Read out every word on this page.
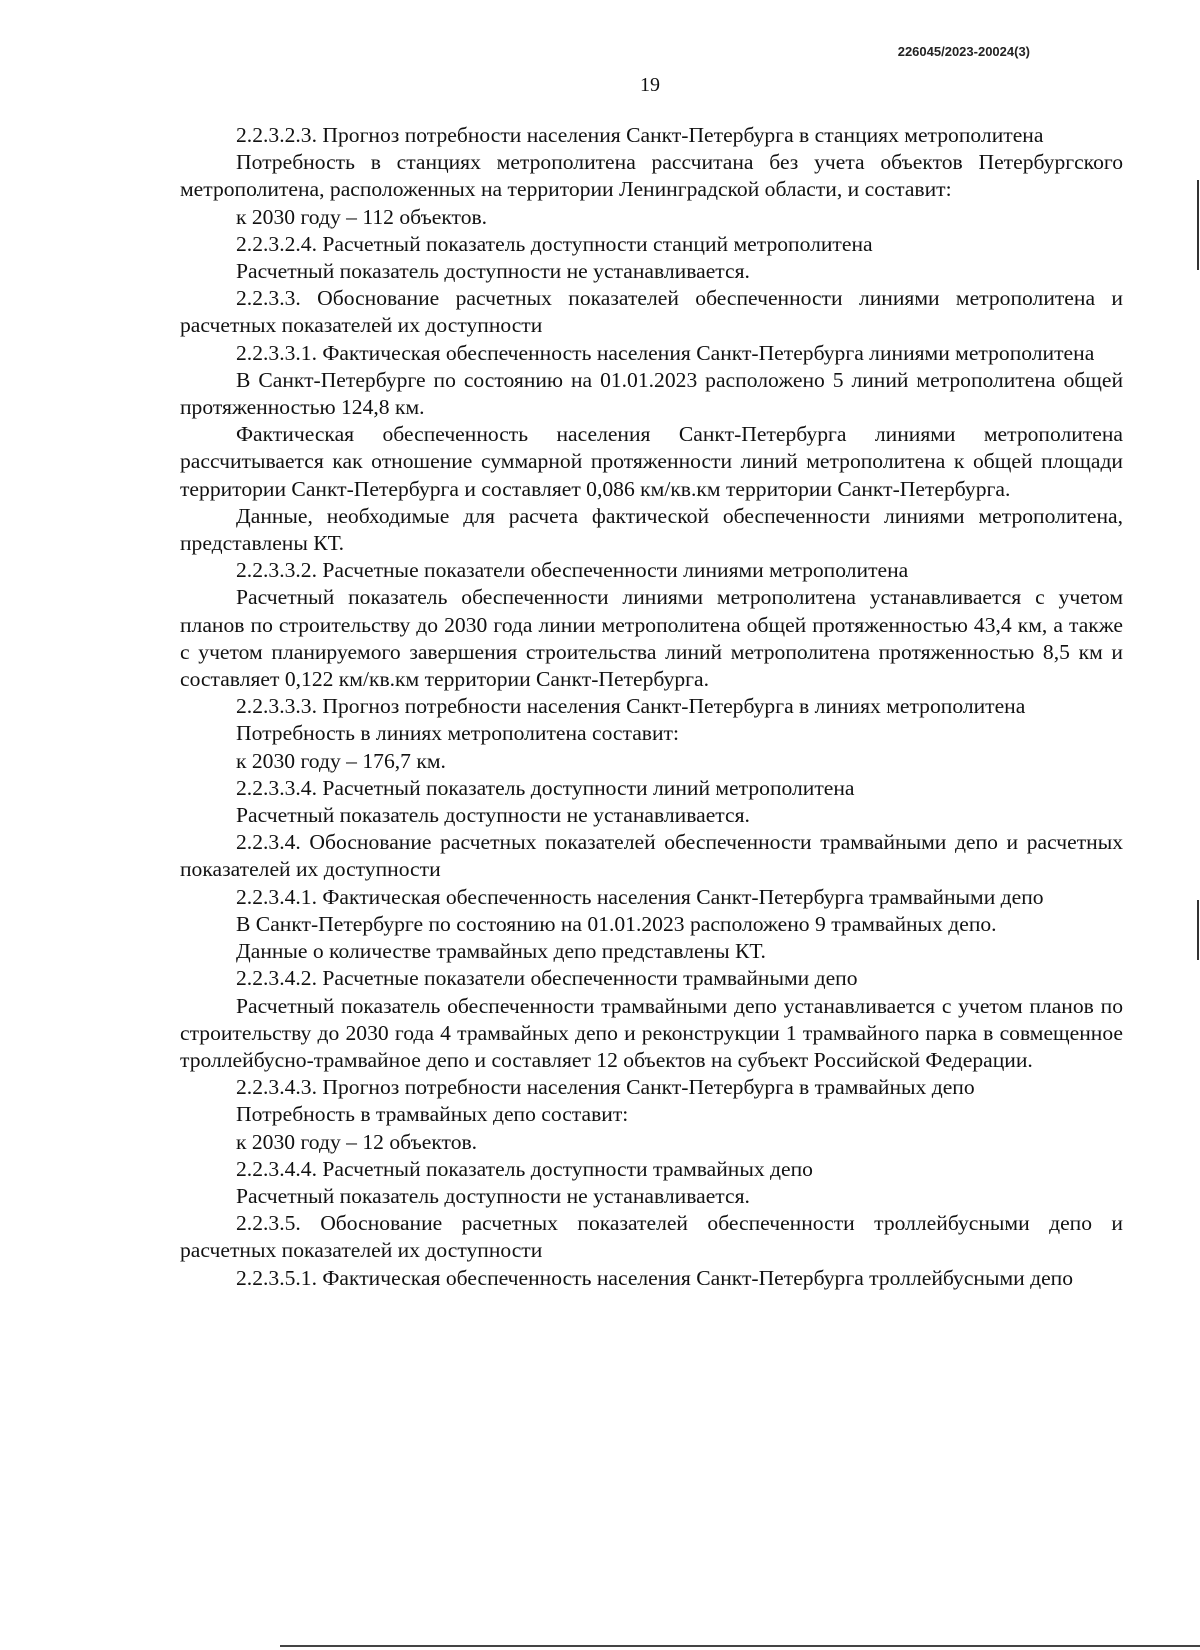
226045/2023-20024(3)
19

2.2.3.2.3. Прогноз потребности населения Санкт-Петербурга в станциях метрополитена

Потребность в станциях метрополитена рассчитана без учета объектов Петербургского метрополитена, расположенных на территории Ленинградской области, и составит:

к 2030 году – 112 объектов.

2.2.3.2.4. Расчетный показатель доступности станций метрополитена

Расчетный показатель доступности не устанавливается.

2.2.3.3. Обоснование расчетных показателей обеспеченности линиями метрополитена и расчетных показателей их доступности

2.2.3.3.1. Фактическая обеспеченность населения Санкт-Петербурга линиями метрополитена

В Санкт-Петербурге по состоянию на 01.01.2023 расположено 5 линий метрополитена общей протяженностью 124,8 км.

Фактическая обеспеченность населения Санкт-Петербурга линиями метрополитена рассчитывается как отношение суммарной протяженности линий метрополитена к общей площади территории Санкт-Петербурга и составляет 0,086 км/кв.км территории Санкт-Петербурга.

Данные, необходимые для расчета фактической обеспеченности линиями метрополитена, представлены КТ.

2.2.3.3.2. Расчетные показатели обеспеченности линиями метрополитена

Расчетный показатель обеспеченности линиями метрополитена устанавливается с учетом планов по строительству до 2030 года линии метрополитена общей протяженностью 43,4 км, а также с учетом планируемого завершения строительства линий метрополитена протяженностью 8,5 км и составляет 0,122 км/кв.км территории Санкт-Петербурга.

2.2.3.3.3. Прогноз потребности населения Санкт-Петербурга в линиях метрополитена

Потребность в линиях метрополитена составит:

к 2030 году – 176,7 км.

2.2.3.3.4. Расчетный показатель доступности линий метрополитена

Расчетный показатель доступности не устанавливается.

2.2.3.4. Обоснование расчетных показателей обеспеченности трамвайными депо и расчетных показателей их доступности

2.2.3.4.1. Фактическая обеспеченность населения Санкт-Петербурга трамвайными депо

В Санкт-Петербурге по состоянию на 01.01.2023 расположено 9 трамвайных депо.

Данные о количестве трамвайных депо представлены КТ.

2.2.3.4.2. Расчетные показатели обеспеченности трамвайными депо

Расчетный показатель обеспеченности трамвайными депо устанавливается с учетом планов по строительству до 2030 года 4 трамвайных депо и реконструкции 1 трамвайного парка в совмещенное троллейбусно-трамвайное депо и составляет 12 объектов на субъект Российской Федерации.

2.2.3.4.3. Прогноз потребности населения Санкт-Петербурга в трамвайных депо

Потребность в трамвайных депо составит:

к 2030 году – 12 объектов.

2.2.3.4.4. Расчетный показатель доступности трамвайных депо

Расчетный показатель доступности не устанавливается.

2.2.3.5. Обоснование расчетных показателей обеспеченности троллейбусными депо и расчетных показателей их доступности

2.2.3.5.1. Фактическая обеспеченность населения Санкт-Петербурга троллейбусными депо
